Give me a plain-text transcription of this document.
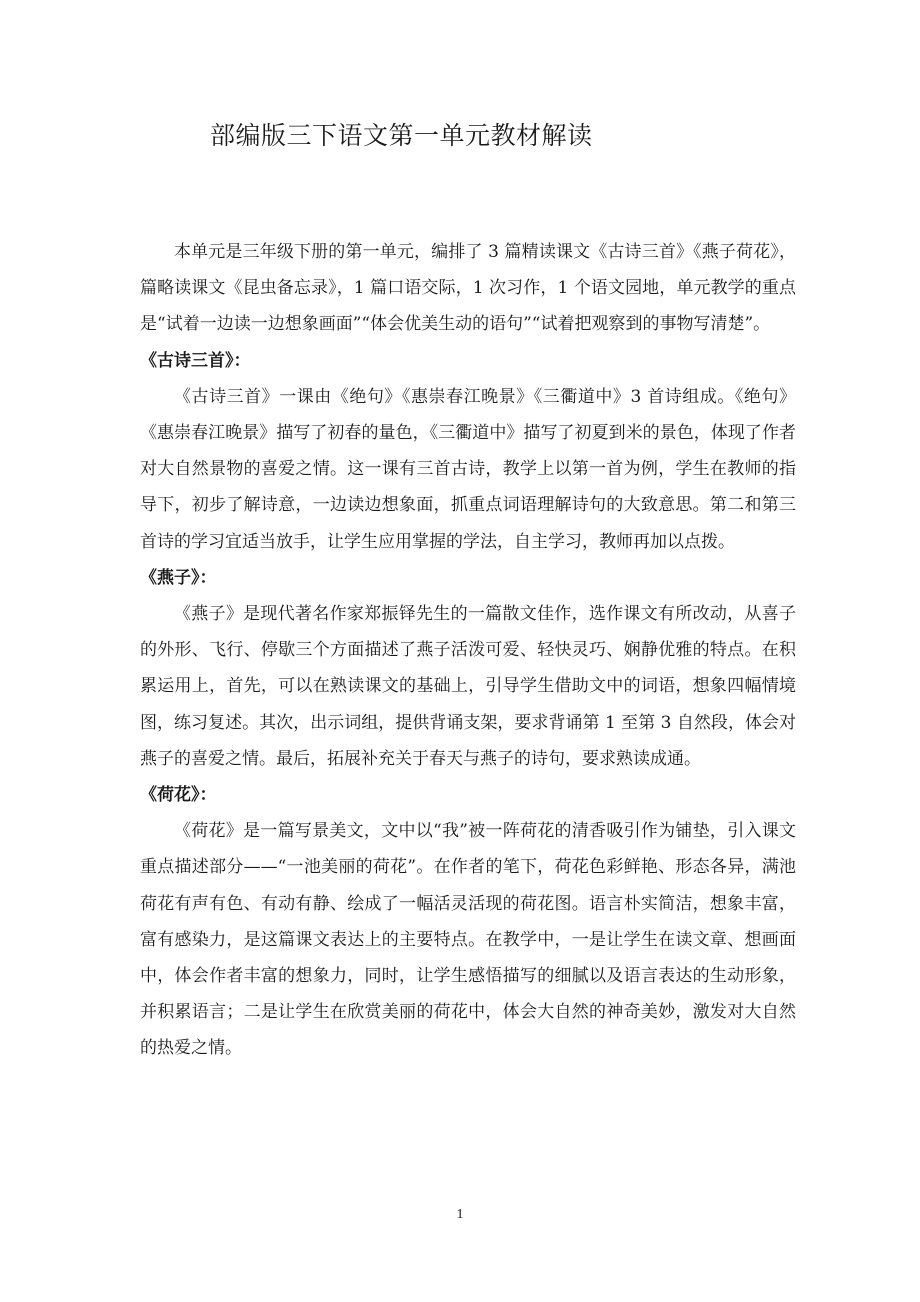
部编版三下语文第一单元教材解读

本单元是三年级下册的第一单元，编排了 3 篇精读课文《古诗三首》《燕子荷花》，篇略读课文《昆虫备忘录》，1 篇口语交际，1 次习作，1 个语文园地，单元教学的重点是“试着一边读一边想象画面”“体会优美生动的语句”“试着把观察到的事物写清楚”。

《古诗三首》：

《古诗三首》一课由《绝句》《惠崇春江晚景》《三衢道中》3 首诗组成。《绝句》《惠崇春江晚景》描写了初春的量色，《三衢道中》描写了初夏到米的景色，体现了作者对大自然景物的喜爱之情。这一课有三首古诗，教学上以第一首为例，学生在教师的指导下，初步了解诗意，一边读边想象面，抓重点词语理解诗句的大致意思。第二和第三首诗的学习宜适当放手，让学生应用掌握的学法，自主学习，教师再加以点拨。

《燕子》：

《燕子》是现代著名作家郑振铎先生的一篇散文佳作，选作课文有所改动，从喜子的外形、飞行、停歇三个方面描述了燕子活泼可爱、轻快灵巧、娴静优雅的特点。在积累运用上，首先，可以在熟读课文的基础上，引导学生借助文中的词语，想象四幅情境图，练习复述。其次，出示词组，提供背诵支架，要求背诵第 1 至第 3 自然段，体会对燕子的喜爱之情。最后，拓展补充关于春天与燕子的诗句，要求熟读成通。

《荷花》：

《荷花》是一篇写景美文，文中以“我”被一阵荷花的清香吸引作为铺垫，引入课文重点描述部分——“一池美丽的荷花”。在作者的笔下，荷花色彩鲜艳、形态各异，满池荷花有声有色、有动有静、绘成了一幅活灵活现的荷花图。语言朴实简洁，想象丰富，富有感染力，是这篇课文表达上的主要特点。在教学中，一是让学生在读文章、想画面中，体会作者丰富的想象力，同时，让学生感悟描写的细腻以及语言表达的生动形象，并积累语言；二是让学生在欣赏美丽的荷花中，体会大自然的神奇美妙，激发对大自然的热爱之情。

1
